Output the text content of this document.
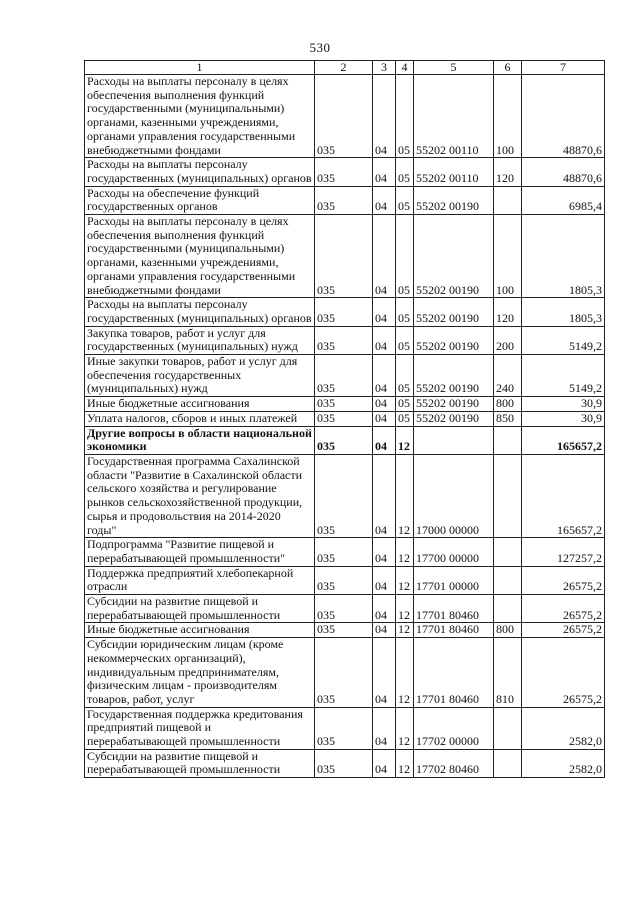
530
1	2	3	4	5	6	7
Расходы на выплаты персоналу в целях обеспечения выполнения функций государственными (муниципальными) органами, казенными учреждениями, органами управления государственными внебюджетными фондами	035	04	05	55202 00110	100	48870,6
Расходы на выплаты персоналу государственных (муниципальных) органов	035	04	05	55202 00110	120	48870,6
Расходы на обеспечение функций государственных органов	035	04	05	55202 00190		6985,4
Расходы на выплаты персоналу в целях обеспечения выполнения функций государственными (муниципальными) органами, казенными учреждениями, органами управления государственными внебюджетными фондами	035	04	05	55202 00190	100	1805,3
Расходы на выплаты персоналу государственных (муниципальных) органов	035	04	05	55202 00190	120	1805,3
Закупка товаров, работ и услуг для государственных (муниципальных) нужд	035	04	05	55202 00190	200	5149,2
Иные закупки товаров, работ и услуг для обеспечения государственных (муниципальных) нужд	035	04	05	55202 00190	240	5149,2
Иные бюджетные ассигнования	035	04	05	55202 00190	800	30,9
Уплата налогов, сборов и иных платежей	035	04	05	55202 00190	850	30,9
Другие вопросы в области национальной экономики	035	04	12			165657,2
Государственная программа Сахалинской области "Развитие в Сахалинской области сельского хозяйства и регулирование рынков сельскохозяйственной продукции, сырья и продовольствия на 2014-2020 годы"	035	04	12	17000 00000		165657,2
Подпрограмма "Развитие пищевой и перерабатывающей промышленности"	035	04	12	17700 00000		127257,2
Поддержка предприятий хлебопекарной отрасли	035	04	12	17701 00000		26575,2
Субсидии на развитие пищевой и перерабатывающей промышленности	035	04	12	17701 80460		26575,2
Иные бюджетные ассигнования	035	04	12	17701 80460	800	26575,2
Субсидии юридическим лицам (кроме некоммерческих организаций), индивидуальным предпринимателям, физическим лицам - производителям товаров, работ, услуг	035	04	12	17701 80460	810	26575,2
Государственная поддержка кредитования предприятий пищевой и перерабатывающей промышленности	035	04	12	17702 00000		2582,0
Субсидии на развитие пищевой и перерабатывающей промышленности	035	04	12	17702 80460		2582,0
